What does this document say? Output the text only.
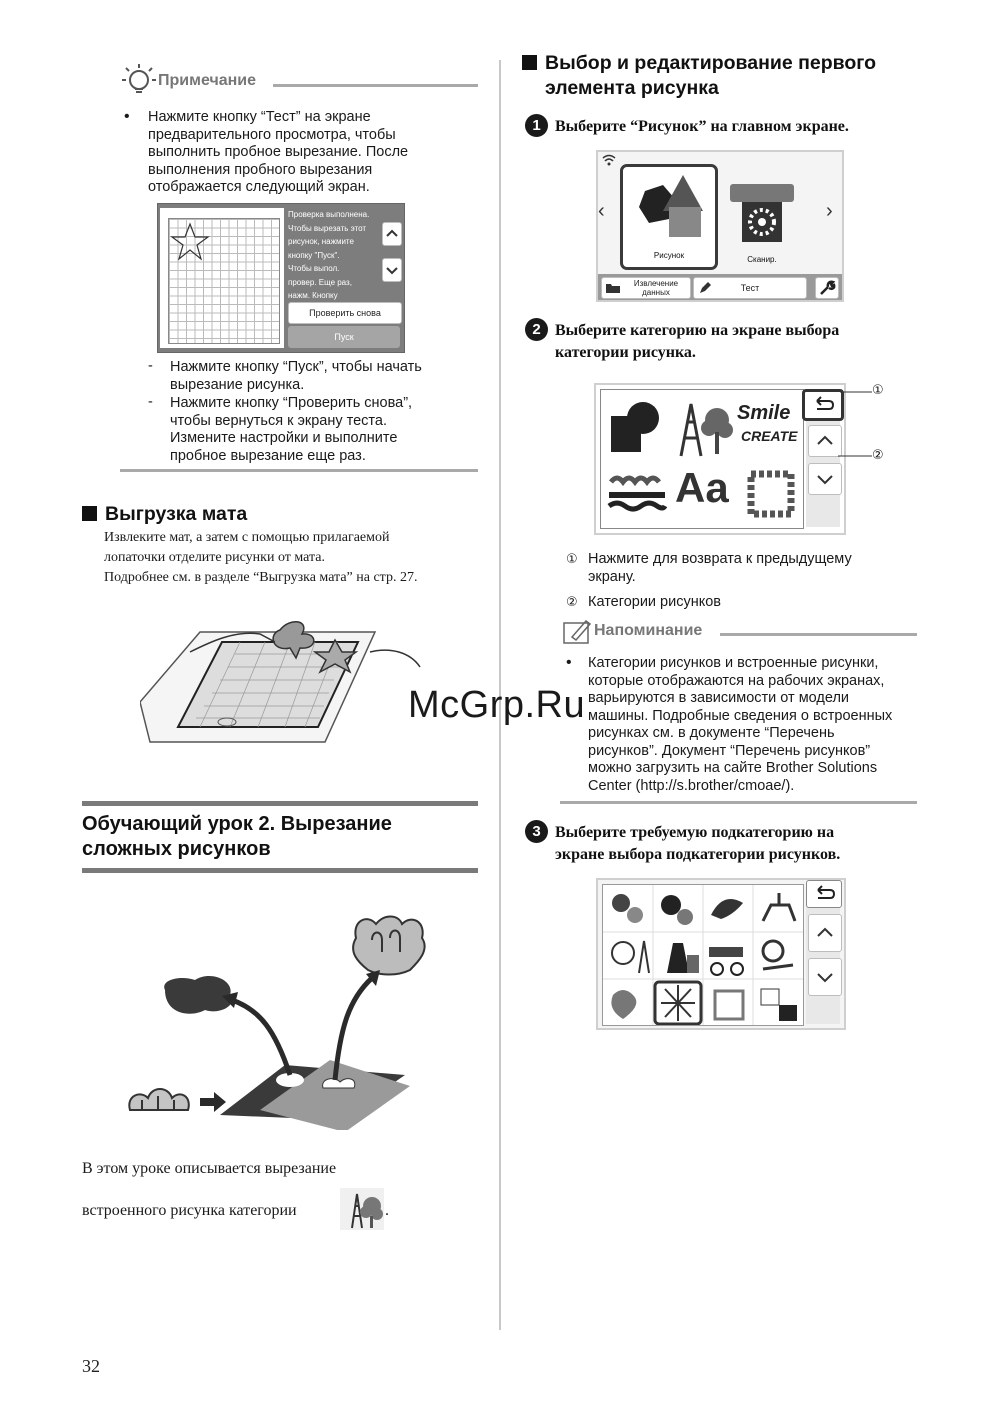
Примечание
• Нажмите кнопку “Тест” на экране
предварительного просмотра, чтобы
выполнить пробное вырезание. После
выполнения пробного вырезания
отображается следующий экран.
Проверка выполнена.
Чтобы вырезать этот
рисунок, нажмите
кнопку "Пуск".
Чтобы выпол.
провер. Еще раз,
нажм. Кнопку
Проверить снова
Пуск
- Нажмите кнопку “Пуск”, чтобы начать
вырезание рисунка.
- Нажмите кнопку “Проверить снова”,
чтобы вернуться к экрану теста.
Измените настройки и выполните
пробное вырезание еще раз.
Выгрузка мата
Извлеките мат, а затем с помощью прилагаемой
лопаточки отделите рисунки от мата.
Подробнее см. в разделе “Выгрузка мата” на стр. 27.
Обучающий урок 2. Вырезание
сложных рисунков
В этом уроке описывается вырезание
встроенного рисунка категории	.
32
Выбор и редактирование первого
элемента рисунка
1 Выберите “Рисунок” на главном экране.
‹
Рисунок	Сканир.
›
Извлечение
данных	Тест
2 Выберите категорию на экране выбора
категории рисунка.
Smile
CREATE
Aa
①
②
① Нажмите для возврата к предыдущему
экрану.
② Категории рисунков
Напоминание
• Категории рисунков и встроенные рисунки,
которые отображаются на рабочих экранах,
варьируются в зависимости от модели
машины. Подробные сведения о встроенных
рисунках см. в документе “Перечень
рисунков”. Документ “Перечень рисунков”
можно загрузить на сайте Brother Solutions
Center (http://s.brother/cmoae/).
3 Выберите требуемую подкатегорию на
экране выбора подкатегории рисунков.
McGrp.Ru
